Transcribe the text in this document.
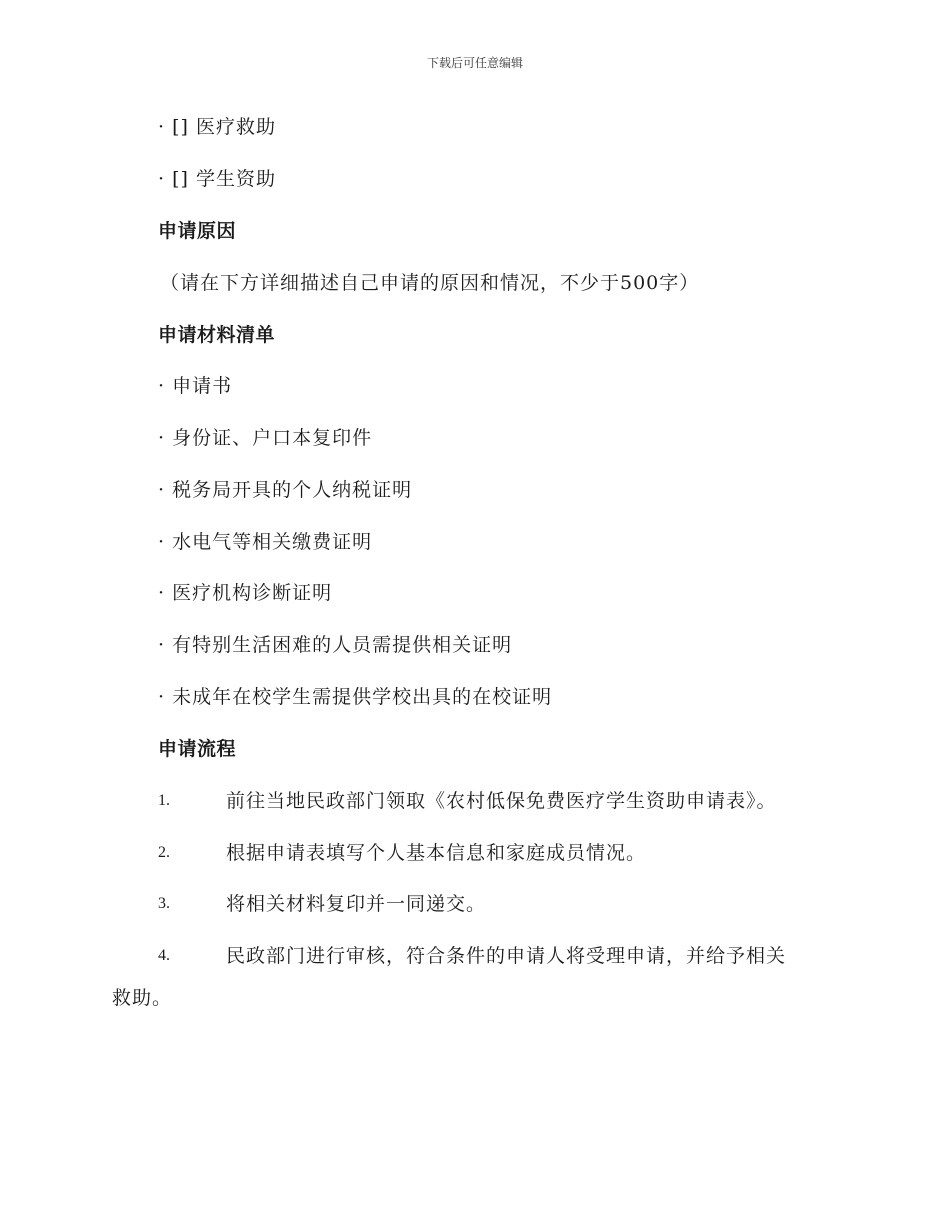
下载后可任意编辑
· [] 医疗救助
· [] 学生资助
申请原因
（请在下方详细描述自己申请的原因和情况，不少于500字）
申请材料清单
· 申请书
· 身份证、户口本复印件
· 税务局开具的个人纳税证明
· 水电气等相关缴费证明
· 医疗机构诊断证明
· 有特别生活困难的人员需提供相关证明
· 未成年在校学生需提供学校出具的在校证明
申请流程
1.	前往当地民政部门领取《农村低保免费医疗学生资助申请表》。
2.	根据申请表填写个人基本信息和家庭成员情况。
3.	将相关材料复印并一同递交。
4.	民政部门进行审核，符合条件的申请人将受理申请，并给予相关
救助。
